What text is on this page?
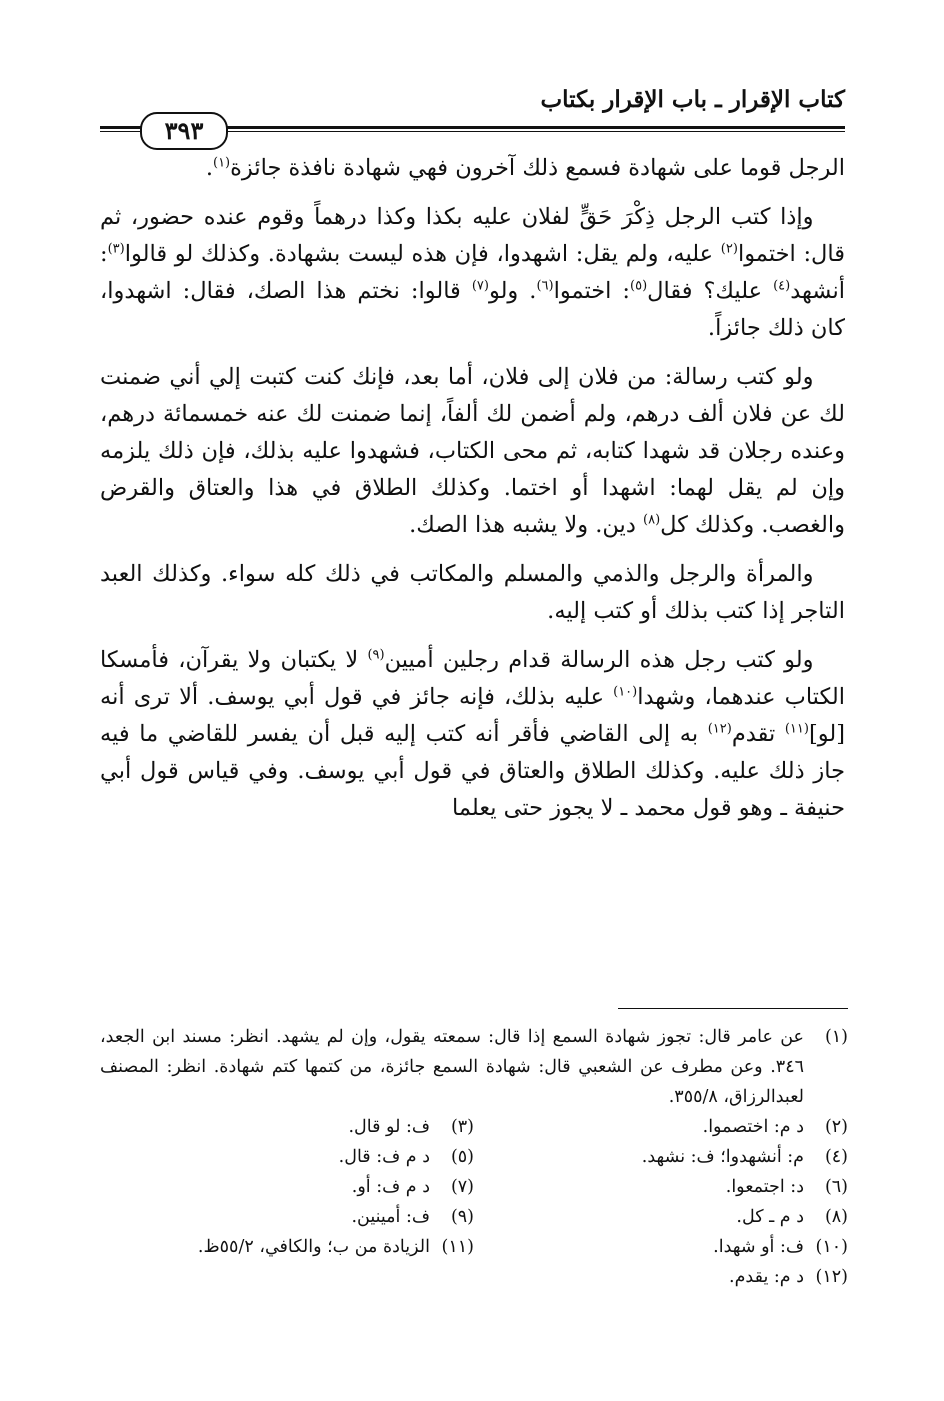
كتاب الإقرار ـ باب الإقرار بكتاب
٣٩٣

الرجل قوما على شهادة فسمع ذلك آخرون فهي شهادة نافذة جائزة$^{(١)}$.

وإذا كتب الرجل ذِكْرَ حَقٍّ لفلان عليه بكذا وكذا درهماً وقوم عنده حضور، ثم قال: اختموا$^{(٢)}$ عليه، ولم يقل: اشهدوا، فإن هذه ليست بشهادة. وكذلك لو قالوا$^{(٣)}$: أنشهد$^{(٤)}$ عليك؟ فقال$^{(٥)}$: اختموا$^{(٦)}$. ولو$^{(٧)}$ قالوا: نختم هذا الصك، فقال: اشهدوا، كان ذلك جائزاً.

ولو كتب رسالة: من فلان إلى فلان، أما بعد، فإنك كنت كتبت إلي أني ضمنت لك عن فلان ألف درهم، ولم أضمن لك ألفاً، إنما ضمنت لك عنه خمسمائة درهم، وعنده رجلان قد شهدا كتابه، ثم محى الكتاب، فشهدوا عليه بذلك، فإن ذلك يلزمه وإن لم يقل لهما: اشهدا أو اختما. وكذلك الطلاق في هذا والعتاق والقرض والغصب. وكذلك كل$^{(٨)}$ دين. ولا يشبه هذا الصك.

والمرأة والرجل والذمي والمسلم والمكاتب في ذلك كله سواء. وكذلك العبد التاجر إذا كتب بذلك أو كتب إليه.

ولو كتب رجل هذه الرسالة قدام رجلين أميين$^{(٩)}$ لا يكتبان ولا يقرآن، فأمسكا الكتاب عندهما، وشهدا$^{(١٠)}$ عليه بذلك، فإنه جائز في قول أبي يوسف. ألا ترى أنه [لو]$^{(١١)}$ تقدم$^{(١٢)}$ به إلى القاضي فأقر أنه كتب إليه قبل أن يفسر للقاضي ما فيه جاز ذلك عليه. وكذلك الطلاق والعتاق في قول أبي يوسف. وفي قياس قول أبي حنيفة ـ وهو قول محمد ـ لا يجوز حتى يعلما

(١)
عن عامر قال: تجوز شهادة السمع إذا قال: سمعته يقول، وإن لم يشهد. انظر: مسند ابن الجعد، ٣٤٦. وعن مطرف عن الشعبي قال: شهادة السمع جائزة، من كتمها كتم شهادة. انظر: المصنف لعبدالرزاق، ٣٥٥/٨.
(٢)
د م: اختصموا.
(٣)
ف: لو قال.
(٤)
م: أنشهدوا؛ ف: نشهد.
(٥)
د م ف: قال.
(٦)
د: اجتمعوا.
(٧)
د م ف: أو.
(٨)
د م ـ كل.
(٩)
ف: أمينين.
(١٠)
ف: أو شهدا.
(١١)
الزيادة من ب؛ والكافي، ٥٥/٢ظ.
(١٢)
د م: يقدم.
